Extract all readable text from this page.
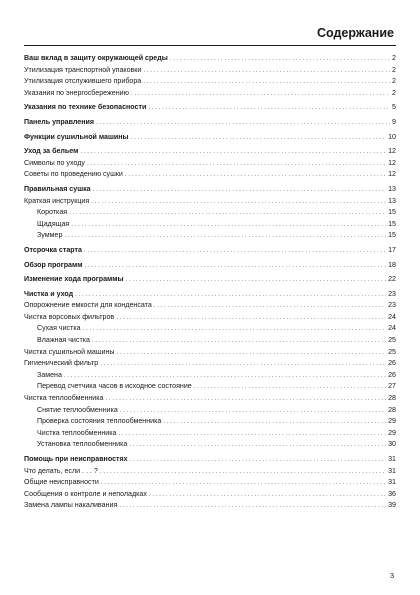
Содержание
Ваш вклад в защиту окружающей среды .....	2
Утилизация транспортной упаковки .....	2
Утилизация отслужившего прибора .....	2
Указания по энергосбережению .....	2
Указания по технике безопасности .....	5
Панель управления .....	9
Функции сушильной машины .....	10
Уход за бельем .....	12
Символы по уходу .....	12
Советы по проведению сушки .....	12
Правильная сушка .....	13
Краткая инструкция .....	13
Короткая .....	15
Щадящая .....	15
Зуммер .....	15
Отсрочка старта .....	17
Обзор программ .....	18
Изменение хода программы .....	22
Чистка и уход .....	23
Опорожнение емкости для конденсата .....	23
Чистка ворсовых фильтров .....	24
Сухая чистка .....	24
Влажная чистка .....	25
Чистка сушильной машины .....	25
Гигиенический фильтр .....	26
Замена .....	26
Перевод счетчика часов в исходное состояние .....	27
Чистка теплообменника .....	28
Снятие теплообменника .....	28
Проверка состояния теплообменника .....	29
Чистка теплообменника .....	29
Установка теплообменника .....	30
Помощь при неисправностях .....	31
Что делать, если . . . ? .....	31
Общие неисправности .....	31
Сообщения о контроле и неполадках .....	36
Замена лампы накаливания .....	39
3
